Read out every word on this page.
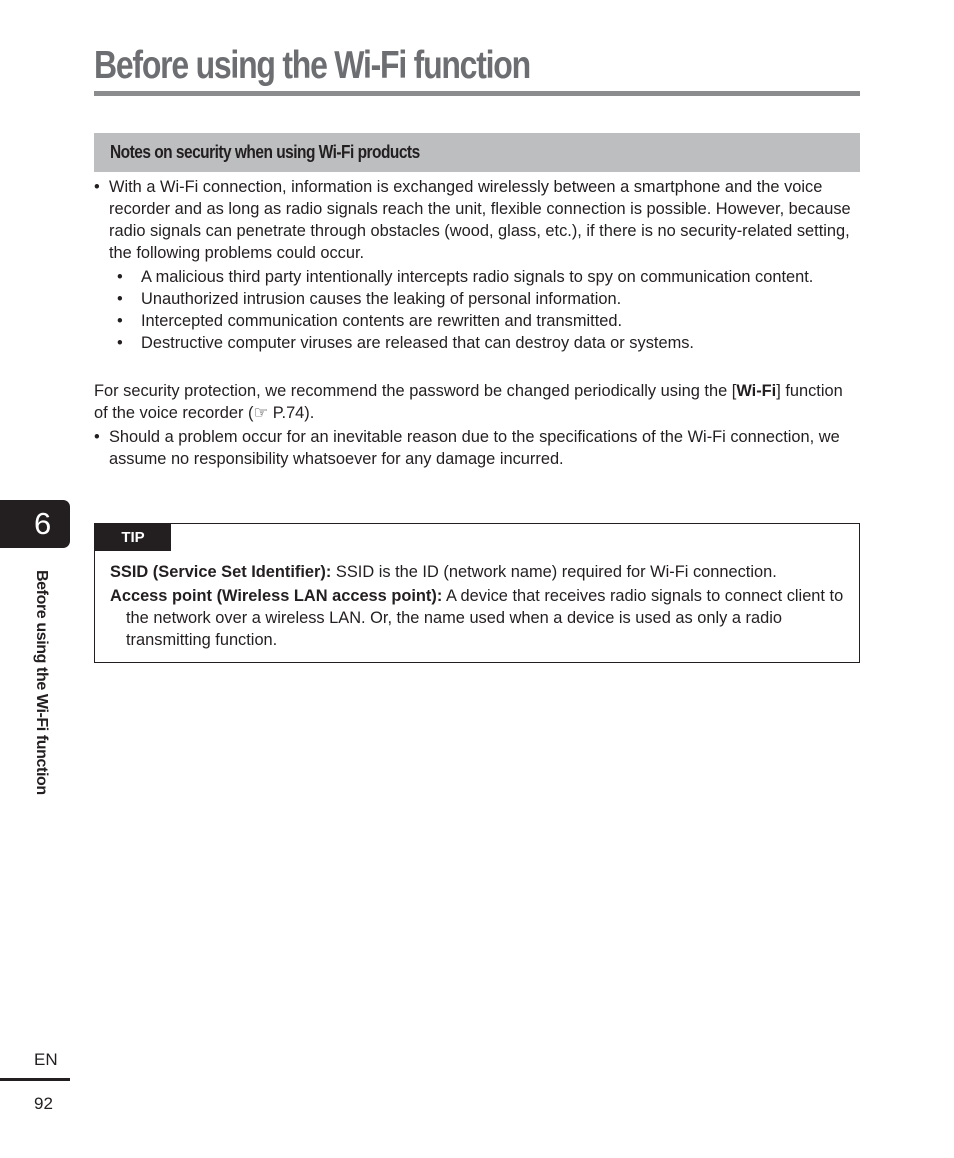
Before using the Wi-Fi function
Notes on security when using Wi-Fi products
• With a Wi-Fi connection, information is exchanged wirelessly between a smartphone and the voice recorder and as long as radio signals reach the unit, flexible connection is possible. However, because radio signals can penetrate through obstacles (wood, glass, etc.), if there is no security-related setting, the following problems could occur.
• A malicious third party intentionally intercepts radio signals to spy on communication content.
• Unauthorized intrusion causes the leaking of personal information.
• Intercepted communication contents are rewritten and transmitted.
• Destructive computer viruses are released that can destroy data or systems.
For security protection, we recommend the password be changed periodically using the [Wi-Fi] function of the voice recorder (☞ P.74).
• Should a problem occur for an inevitable reason due to the specifications of the Wi-Fi connection, we assume no responsibility whatsoever for any damage incurred.
TIP
SSID (Service Set Identifier): SSID is the ID (network name) required for Wi-Fi connection.
Access point (Wireless LAN access point): A device that receives radio signals to connect client to the network over a wireless LAN. Or, the name used when a device is used as only a radio transmitting function.
6
Before using the Wi-Fi function
EN
92
